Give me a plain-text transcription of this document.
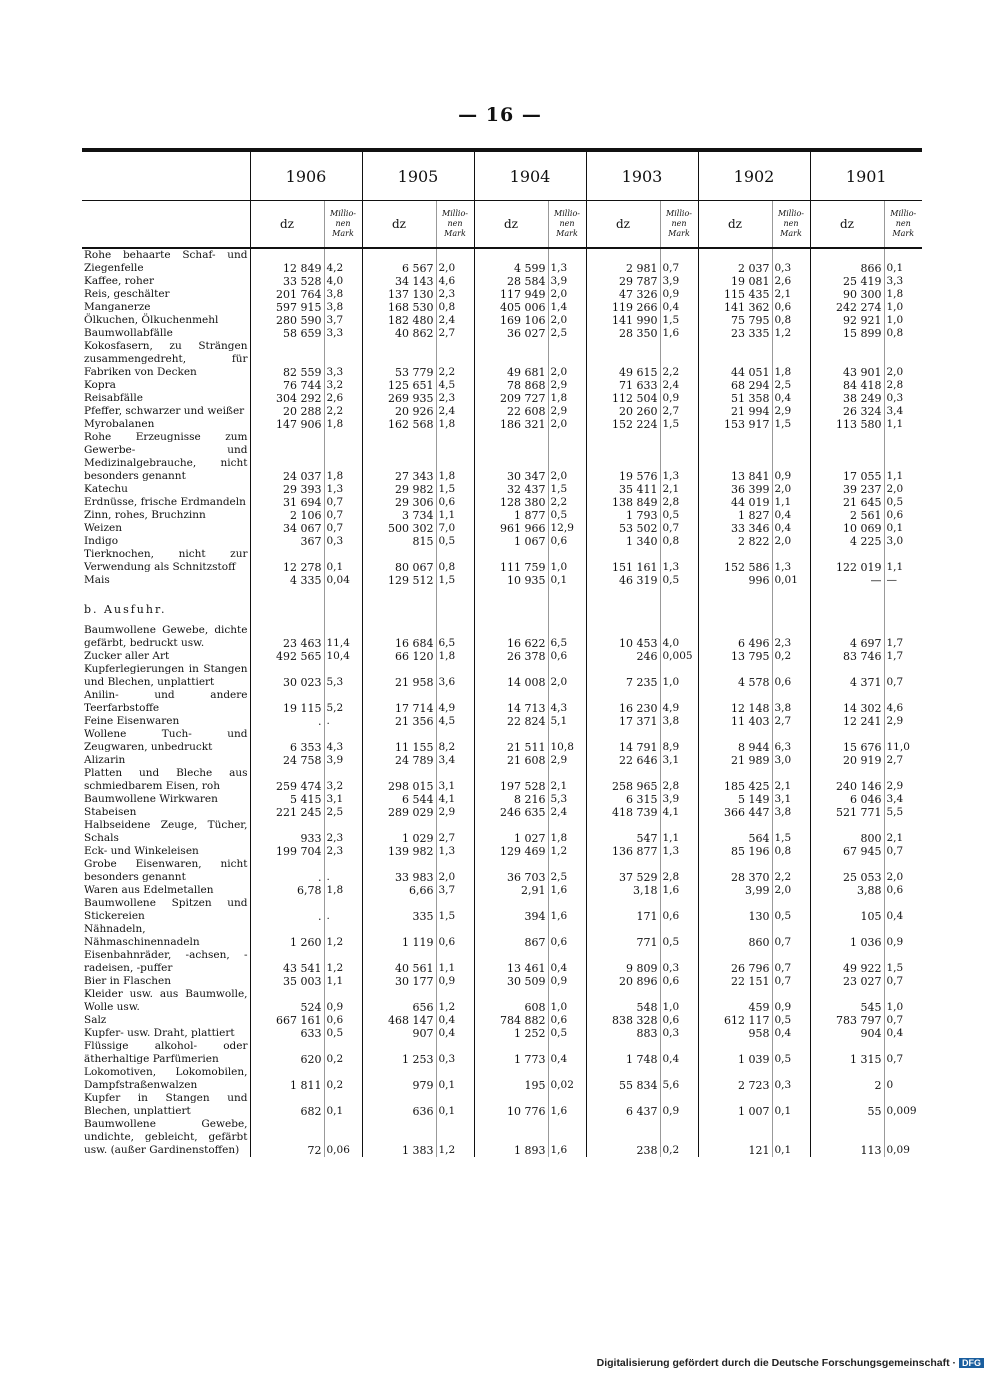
— 16 —
	1906		1905		1904		1903		1902		1901	
	dz	Millio-nen Mark	dz	Millio-nen Mark	dz	Millio-nen Mark	dz	Millio-nen Mark	dz	Millio-nen Mark	dz	Millio-nen Mark
Rohe behaarte Schaf- und Ziegenfelle	12 849	4,2	6 567	2,0	4 599	1,3	2 981	0,7	2 037	0,3	866	0,1
Kaffee, roher	33 528	4,0	34 143	4,6	28 584	3,9	29 787	3,9	19 081	2,6	25 419	3,3
Reis, geschälter	201 764	3,8	137 130	2,3	117 949	2,0	47 326	0,9	115 435	2,1	90 300	1,8
Manganerze	597 915	3,8	168 530	0,8	405 006	1,4	119 266	0,4	141 362	0,6	242 274	1,0
Ölkuchen, Ölkuchenmehl	280 590	3,7	182 480	2,4	169 106	2,0	141 990	1,5	75 795	0,8	92 921	1,0
Baumwollabfälle	58 659	3,3	40 862	2,7	36 027	2,5	28 350	1,6	23 335	1,2	15 899	0,8
Kokosfasern, zu Strängen zusammengedreht, für Fabriken von Decken	82 559	3,3	53 779	2,2	49 681	2,0	49 615	2,2	44 051	1,8	43 901	2,0
Kopra	76 744	3,2	125 651	4,5	78 868	2,9	71 633	2,4	68 294	2,5	84 418	2,8
Reisabfälle	304 292	2,6	269 935	2,3	209 727	1,8	112 504	0,9	51 358	0,4	38 249	0,3
Pfeffer, schwarzer und weißer	20 288	2,2	20 926	2,4	22 608	2,9	20 260	2,7	21 994	2,9	26 324	3,4
Myrobalanen	147 906	1,8	162 568	1,8	186 321	2,0	152 224	1,5	153 917	1,5	113 580	1,1
Rohe Erzeugnisse zum Gewerbe- und Medizinalgebrauche, nicht besonders genannt	24 037	1,8	27 343	1,8	30 347	2,0	19 576	1,3	13 841	0,9	17 055	1,1
Katechu	29 393	1,3	29 982	1,5	32 437	1,5	35 411	2,1	36 399	2,0	39 237	2,0
Erdnüsse, frische Erdmandeln	31 694	0,7	29 306	0,6	128 380	2,2	138 849	2,8	44 019	1,1	21 645	0,5
Zinn, rohes, Bruchzinn	2 106	0,7	3 734	1,1	1 877	0,5	1 793	0,5	1 827	0,4	2 561	0,6
Weizen	34 067	0,7	500 302	7,0	961 966	12,9	53 502	0,7	33 346	0,4	10 069	0,1
Indigo	367	0,3	815	0,5	1 067	0,6	1 340	0,8	2 822	2,0	4 225	3,0
Tierknochen, nicht zur Verwendung als Schnitzstoff	12 278	0,1	80 067	0,8	111 759	1,0	151 161	1,3	152 586	1,3	122 019	1,1
Mais	4 335	0,04	129 512	1,5	10 935	0,1	46 319	0,5	996	0,01	—	—
b. Ausfuhr.												
Baumwollene Gewebe, dichte gefärbt, bedruckt usw.	23 463	11,4	16 684	6,5	16 622	6,5	10 453	4,0	6 496	2,3	4 697	1,7
Zucker aller Art	492 565	10,4	66 120	1,8	26 378	0,6	246	0,005	13 795	0,2	83 746	1,7
Kupferlegierungen in Stangen und Blechen, unplattiert	30 023	5,3	21 958	3,6	14 008	2,0	7 235	1,0	4 578	0,6	4 371	0,7
Anilin- und andere Teerfarbstoffe	19 115	5,2	17 714	4,9	14 713	4,3	16 230	4,9	12 148	3,8	14 302	4,6
Feine Eisenwaren	.	.	21 356	4,5	22 824	5,1	17 371	3,8	11 403	2,7	12 241	2,9
Wollene Tuch- und Zeugwaren, unbedruckt	6 353	4,3	11 155	8,2	21 511	10,8	14 791	8,9	8 944	6,3	15 676	11,0
Alizarin	24 758	3,9	24 789	3,4	21 608	2,9	22 646	3,1	21 989	3,0	20 919	2,7
Platten und Bleche aus schmiedbarem Eisen, roh	259 474	3,2	298 015	3,1	197 528	2,1	258 965	2,8	185 425	2,1	240 146	2,9
Baumwollene Wirkwaren	5 415	3,1	6 544	4,1	8 216	5,3	6 315	3,9	5 149	3,1	6 046	3,4
Stabeisen	221 245	2,5	289 029	2,9	246 635	2,4	418 739	4,1	366 447	3,8	521 771	5,5
Halbseidene Zeuge, Tücher, Schals	933	2,3	1 029	2,7	1 027	1,8	547	1,1	564	1,5	800	2,1
Eck- und Winkeleisen	199 704	2,3	139 982	1,3	129 469	1,2	136 877	1,3	85 196	0,8	67 945	0,7
Grobe Eisenwaren, nicht besonders genannt	.	.	33 983	2,0	36 703	2,5	37 529	2,8	28 370	2,2	25 053	2,0
Waren aus Edelmetallen	6,78	1,8	6,66	3,7	2,91	1,6	3,18	1,6	3,99	2,0	3,88	0,6
Baumwollene Spitzen und Stickereien	.	.	335	1,5	394	1,6	171	0,6	130	0,5	105	0,4
Nähnadeln, Nähmaschinennadeln	1 260	1,2	1 119	0,6	867	0,6	771	0,5	860	0,7	1 036	0,9
Eisenbahnräder, -achsen, -radeisen, -puffer	43 541	1,2	40 561	1,1	13 461	0,4	9 809	0,3	26 796	0,7	49 922	1,5
Bier in Flaschen	35 003	1,1	30 177	0,9	30 509	0,9	20 896	0,6	22 151	0,7	23 027	0,7
Kleider usw. aus Baumwolle, Wolle usw.	524	0,9	656	1,2	608	1,0	548	1,0	459	0,9	545	1,0
Salz	667 161	0,6	468 147	0,4	784 882	0,6	838 328	0,6	612 117	0,5	783 797	0,7
Kupfer- usw. Draht, plattiert	633	0,5	907	0,4	1 252	0,5	883	0,3	958	0,4	904	0,4
Flüssige alkohol- oder ätherhaltige Parfümerien	620	0,2	1 253	0,3	1 773	0,4	1 748	0,4	1 039	0,5	1 315	0,7
Lokomotiven, Lokomobilen, Dampfstraßenwalzen	1 811	0,2	979	0,1	195	0,02	55 834	5,6	2 723	0,3	2	0
Kupfer in Stangen und Blechen, unplattiert	682	0,1	636	0,1	10 776	1,6	6 437	0,9	1 007	0,1	55	0,009
Baumwollene Gewebe, undichte, gebleicht, gefärbt usw. (außer Gardinenstoffen)	72	0,06	1 383	1,2	1 893	1,6	238	0,2	121	0,1	113	0,09
Digitalisierung gefördert durch die Deutsche Forschungsgemeinschaft · DFG
